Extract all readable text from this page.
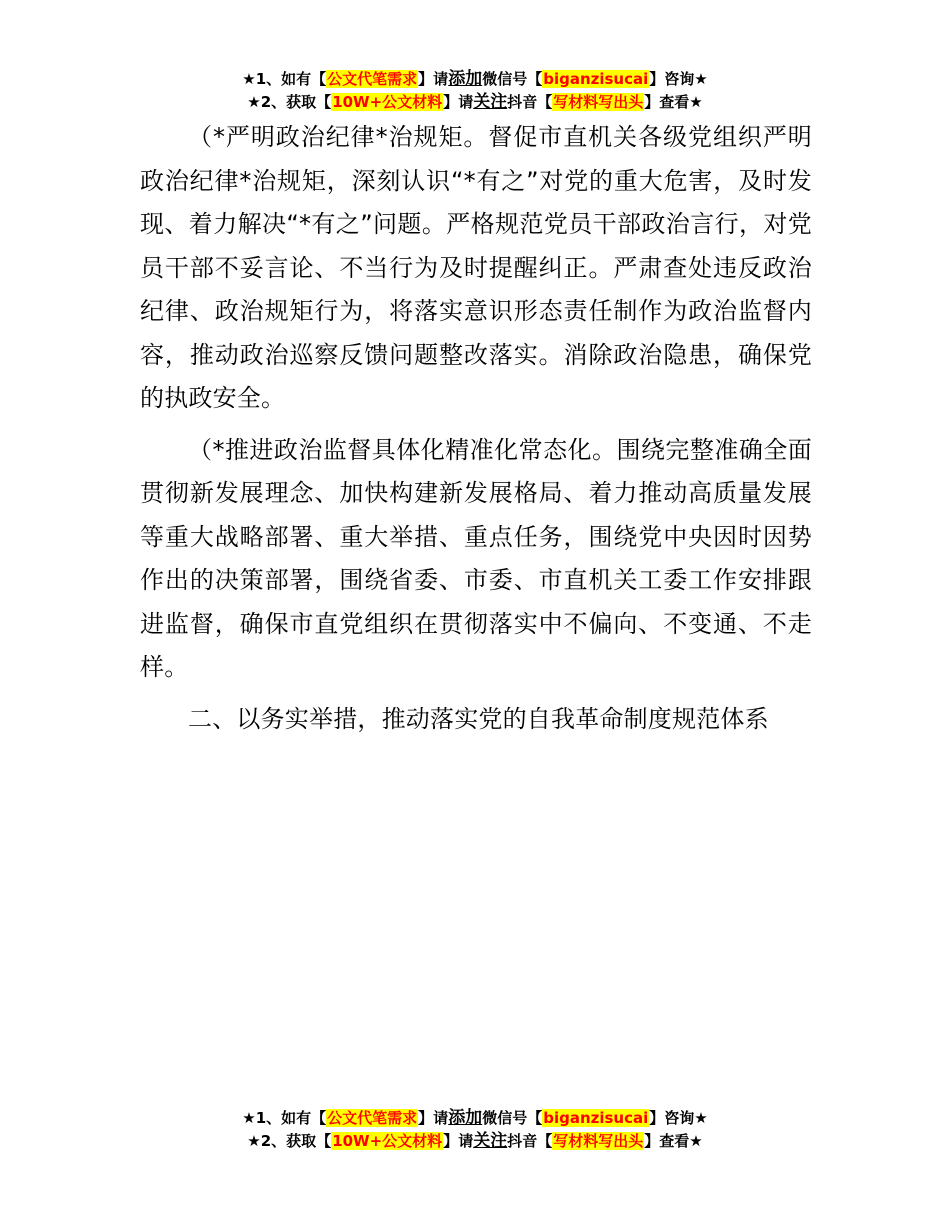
★1、如有【公文代笔需求】请添加微信号【biganzisucai】咨询★
★2、获取【10W+公文材料】请关注抖音【写材料写出头】查看★

（*严明政治纪律*治规矩。督促市直机关各级党组织严明政治纪律*治规矩，深刻认识“*有之”对党的重大危害，及时发现、着力解决“*有之”问题。严格规范党员干部政治言行，对党员干部不妥言论、不当行为及时提醒纠正。严肃查处违反政治纪律、政治规矩行为，将落实意识形态责任制作为政治监督内容，推动政治巡察反馈问题整改落实。消除政治隐患，确保党的执政安全。

（*推进政治监督具体化精准化常态化。围绕完整准确全面贯彻新发展理念、加快构建新发展格局、着力推动高质量发展等重大战略部署、重大举措、重点任务，围绕党中央因时因势作出的决策部署，围绕省委、市委、市直机关工委工作安排跟进监督，确保市直党组织在贯彻落实中不偏向、不变通、不走样。

二、以务实举措，推动落实党的自我革命制度规范体系

★1、如有【公文代笔需求】请添加微信号【biganzisucai】咨询★
★2、获取【10W+公文材料】请关注抖音【写材料写出头】查看★
